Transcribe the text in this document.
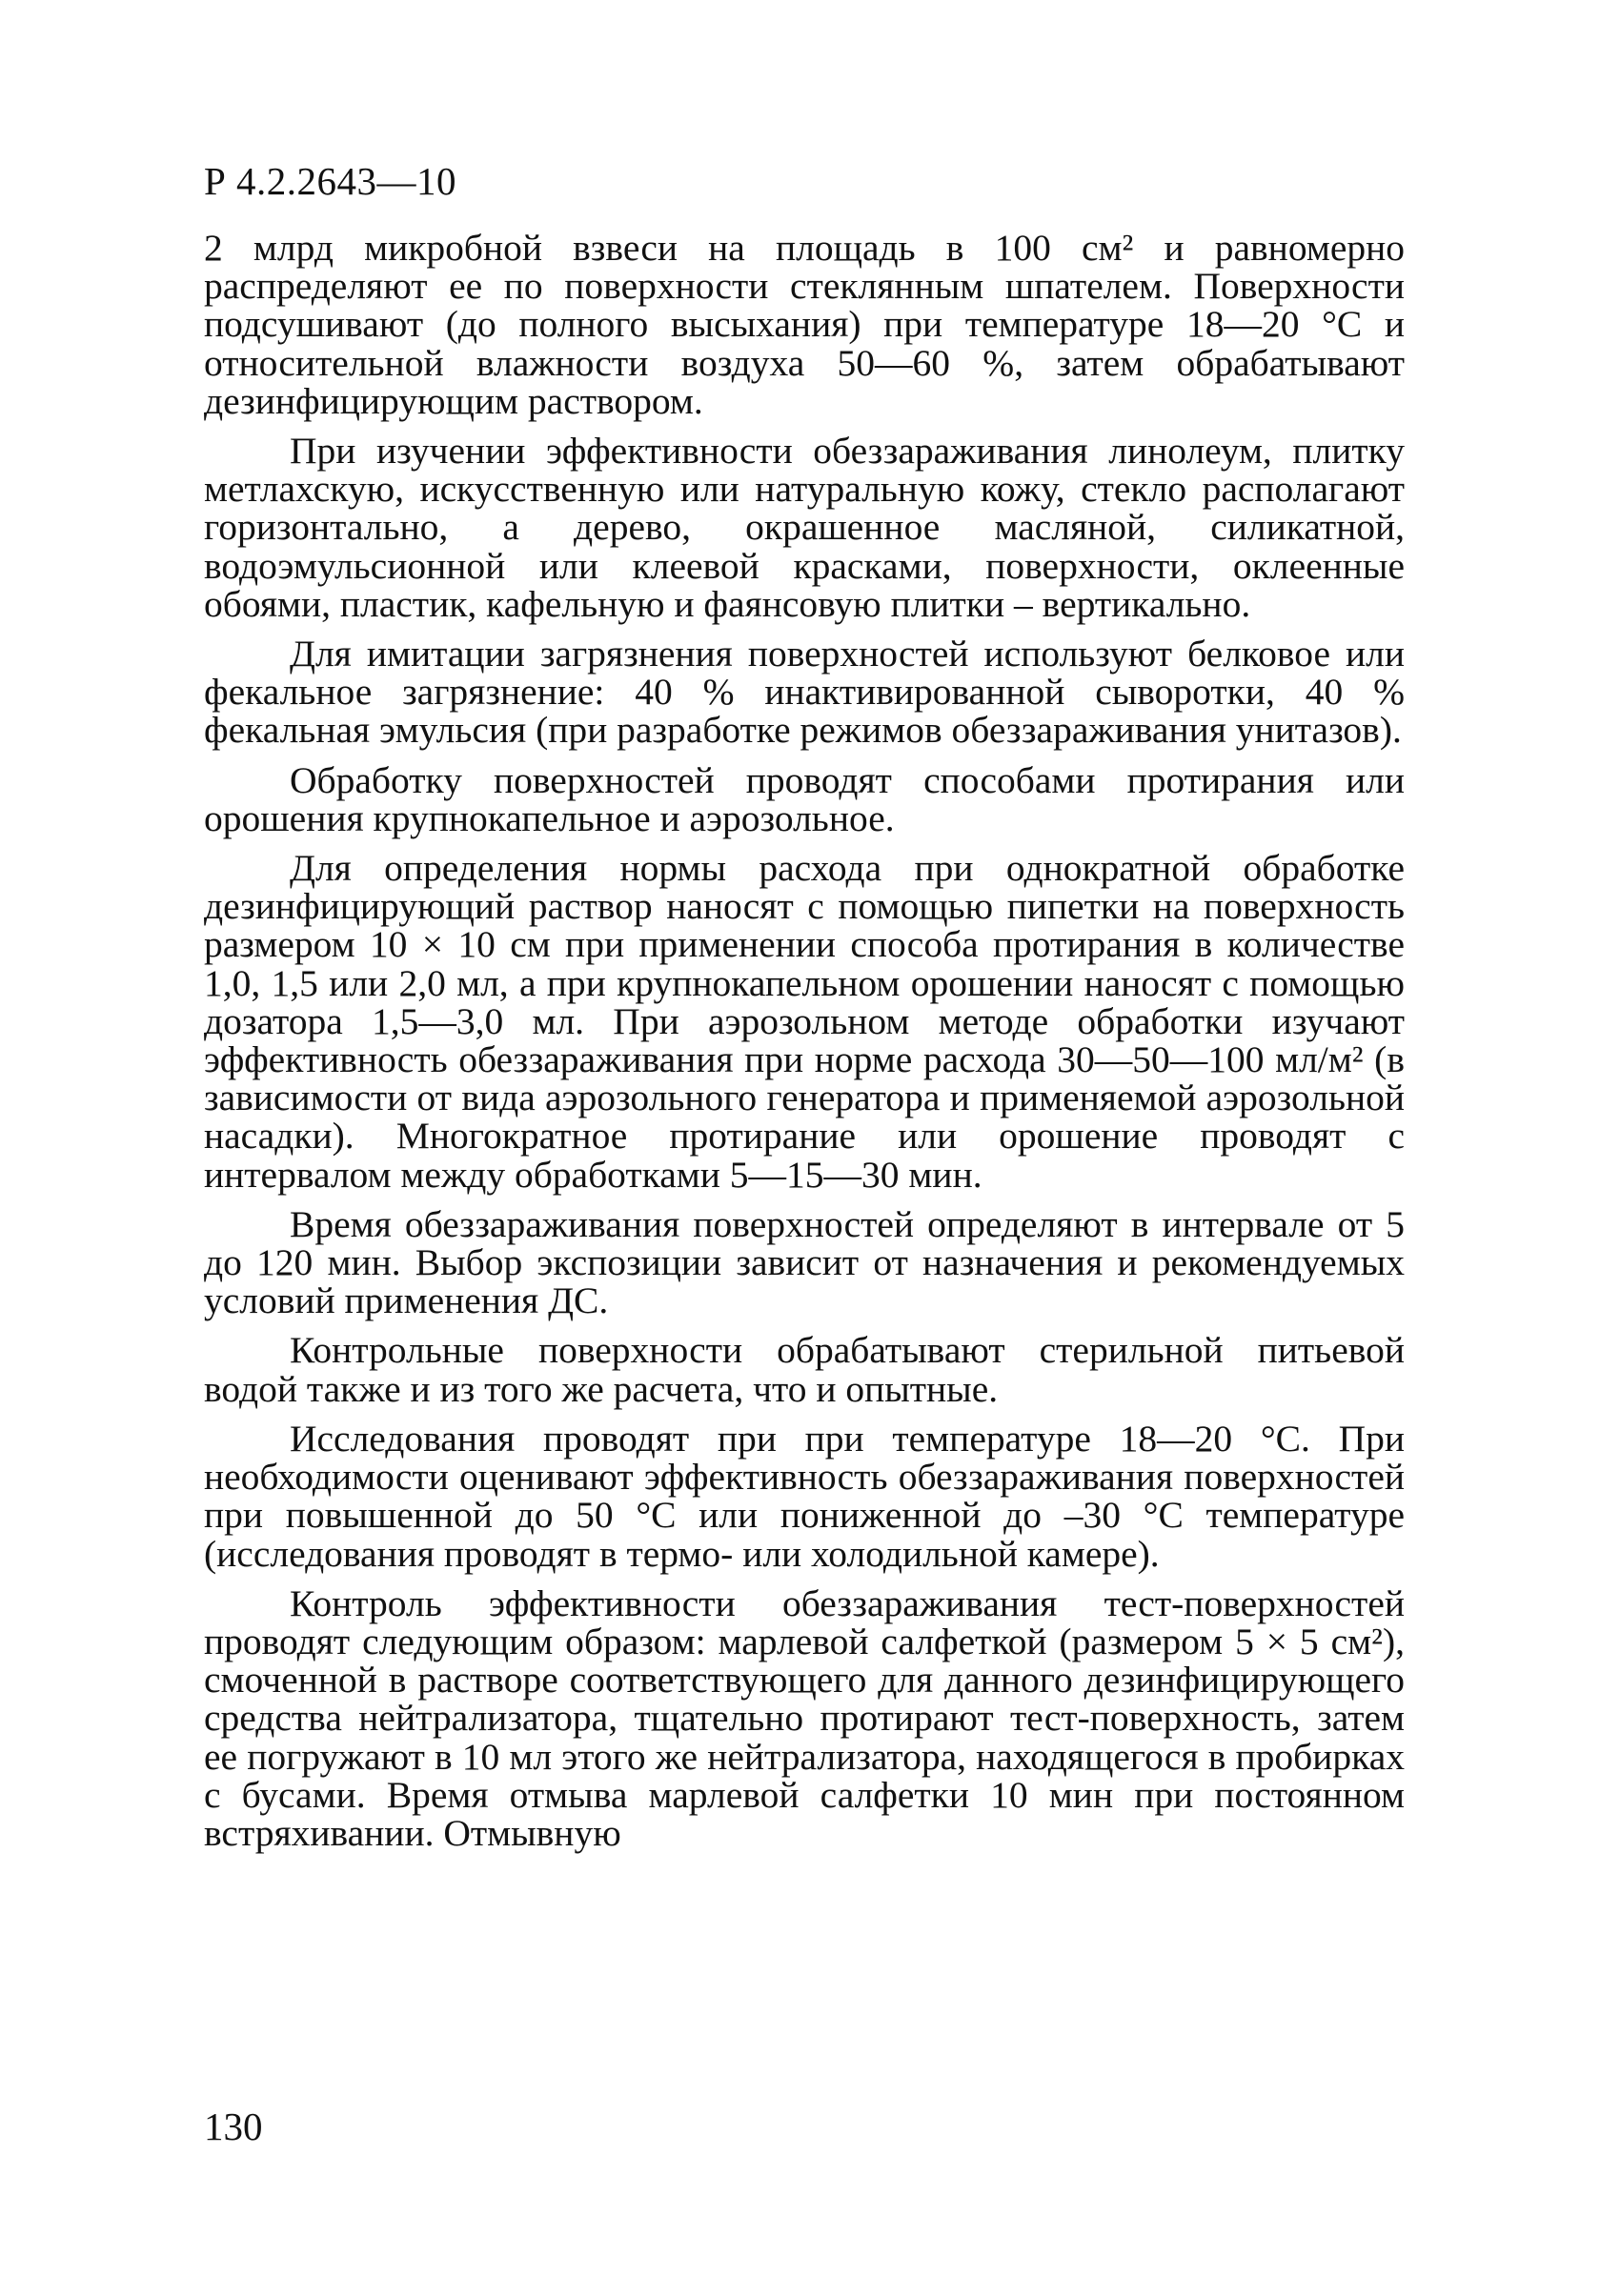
Р 4.2.2643—10

2 млрд микробной взвеси на площадь в 100 см² и равномерно распределяют ее по поверхности стеклянным шпателем. Поверхности подсушивают (до полного высыхания) при температуре 18—20 °С и относительной влажности воздуха 50—60 %, затем обрабатывают дезинфицирующим раствором.

При изучении эффективности обеззараживания линолеум, плитку метлахскую, искусственную или натуральную кожу, стекло располагают горизонтально, а дерево, окрашенное масляной, силикатной, водоэмульсионной или клеевой красками, поверхности, оклеенные обоями, пластик, кафельную и фаянсовую плитки – вертикально.

Для имитации загрязнения поверхностей используют белковое или фекальное загрязнение: 40 % инактивированной сыворотки, 40 % фекальная эмульсия (при разработке режимов обеззараживания унитазов).

Обработку поверхностей проводят способами протирания или орошения крупнокапельное и аэрозольное.

Для определения нормы расхода при однократной обработке дезинфицирующий раствор наносят с помощью пипетки на поверхность размером 10 × 10 см при применении способа протирания в количестве 1,0, 1,5 или 2,0 мл, а при крупнокапельном орошении наносят с помощью дозатора 1,5—3,0 мл. При аэрозольном методе обработки изучают эффективность обеззараживания при норме расхода 30—50—100 мл/м² (в зависимости от вида аэрозольного генератора и применяемой аэрозольной насадки). Многократное протирание или орошение проводят с интервалом между обработками 5—15—30 мин.

Время обеззараживания поверхностей определяют в интервале от 5 до 120 мин. Выбор экспозиции зависит от назначения и рекомендуемых условий применения ДС.

Контрольные поверхности обрабатывают стерильной питьевой водой также и из того же расчета, что и опытные.

Исследования проводят при при температуре 18—20 °С. При необходимости оценивают эффективность обеззараживания поверхностей при повышенной до 50 °С или пониженной до –30 °С температуре (исследования проводят в термо- или холодильной камере).

Контроль эффективности обеззараживания тест-поверхностей проводят следующим образом: марлевой салфеткой (размером 5 × 5 см²), смоченной в растворе соответствующего для данного дезинфицирующего средства нейтрализатора, тщательно протирают тест-поверхность, затем ее погружают в 10 мл этого же нейтрализатора, находящегося в пробирках с бусами. Время отмыва марлевой салфетки 10 мин при постоянном встряхивании. Отмывную

130
